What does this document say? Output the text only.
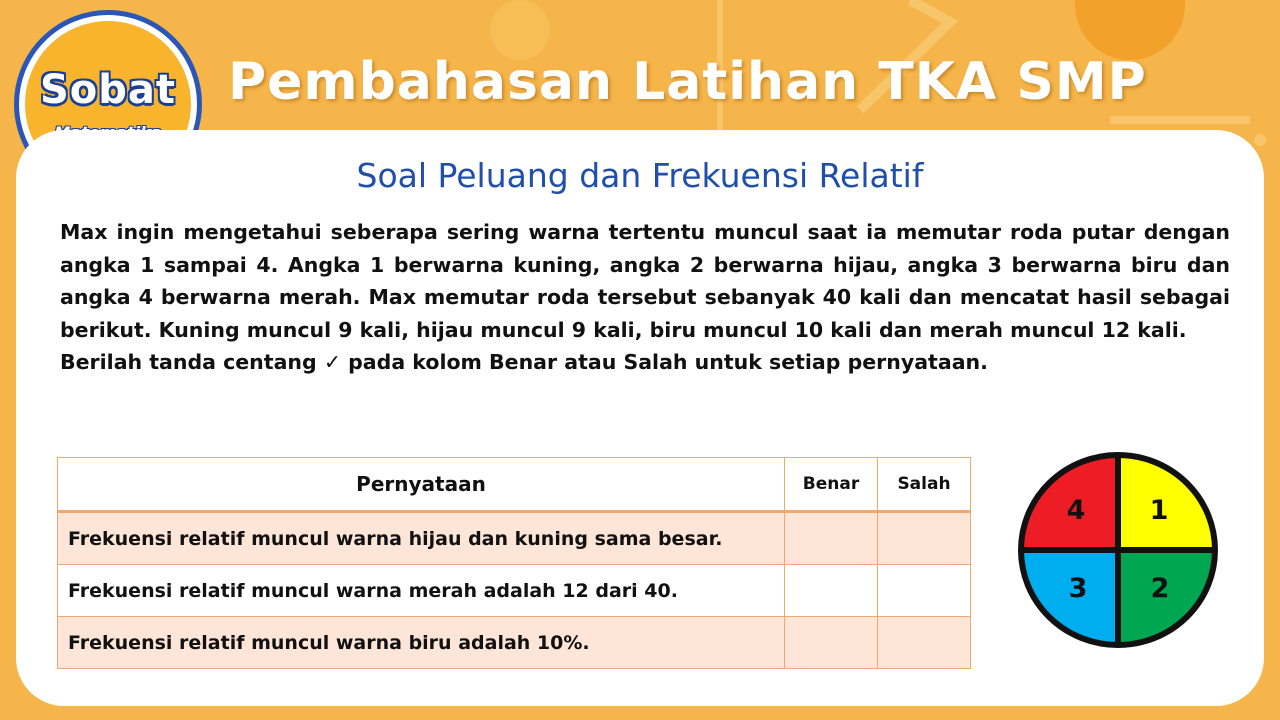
Sobat Pembahasan Latihan TKA SMP
Soal Peluang dan Frekuensi Relatif

Max ingin mengetahui seberapa sering warna tertentu muncul saat ia memutar roda putar dengan angka 1 sampai 4. Angka 1 berwarna kuning, angka 2 berwarna hijau, angka 3 berwarna biru dan angka 4 berwarna merah. Max memutar roda tersebut sebanyak 40 kali dan mencatat hasil sebagai berikut. Kuning muncul 9 kali, hijau muncul 9 kali, biru muncul 10 kali dan merah muncul 12 kali.

Berilah tanda centang ✓ pada kolom Benar atau Salah untuk setiap pernyataan.

Pernyataan	Benar	Salah
Frekuensi relatif muncul warna hijau dan kuning sama besar.		
Frekuensi relatif muncul warna merah adalah 12 dari 40.		
Frekuensi relatif muncul warna biru adalah 10%.		
4 1
3 2
